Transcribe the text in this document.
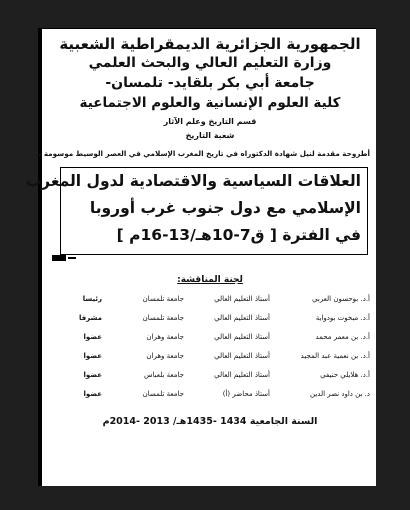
الجمهورية الجزائرية الديمقراطية الشعبية
وزارة التعليم العالي والبحث العلمي
جامعة أبي بكر بلقايد- تلمسان-
كلية العلوم الإنسانية والعلوم الاجتماعية
قسم التاريخ وعلم الآثار
شعبة التاريخ
أطروحة مقدمة لنيل شهادة الدكتوراه في تاريخ المغرب الإسلامي في العصر الوسيط موسومة بـ
العلاقات السياسية والاقتصادية لدول المغرب
الإسلامي مع دول جنوب غرب أوروبا
في الفترة [ ق7-10هـ/13-16م ]
لجنة المناقشة:
أ.د. بوحسون العربي
أستاذ التعليم العالي
جامعة تلمسان
رئيسا
أ.د. مبخوت بودواية
أستاذ التعليم العالي
جامعة تلمسان
مشرفا
أ.د. بن معمر محمد
أستاذ التعليم العالي
جامعة وهران
عضوا
أ.د. بن نعمية عبد المجيد
أستاذ التعليم العالي
جامعة وهران
عضوا
أ.د. هلايلي حنيفي
أستاذ التعليم العالي
جامعة بلعباس
عضوا
د. بن داود نصر الدين
أستاذ محاضر (أ)
جامعة تلمسان
عضوا
السنة الجامعية 1434 -1435هـ/ 2013 -2014م
